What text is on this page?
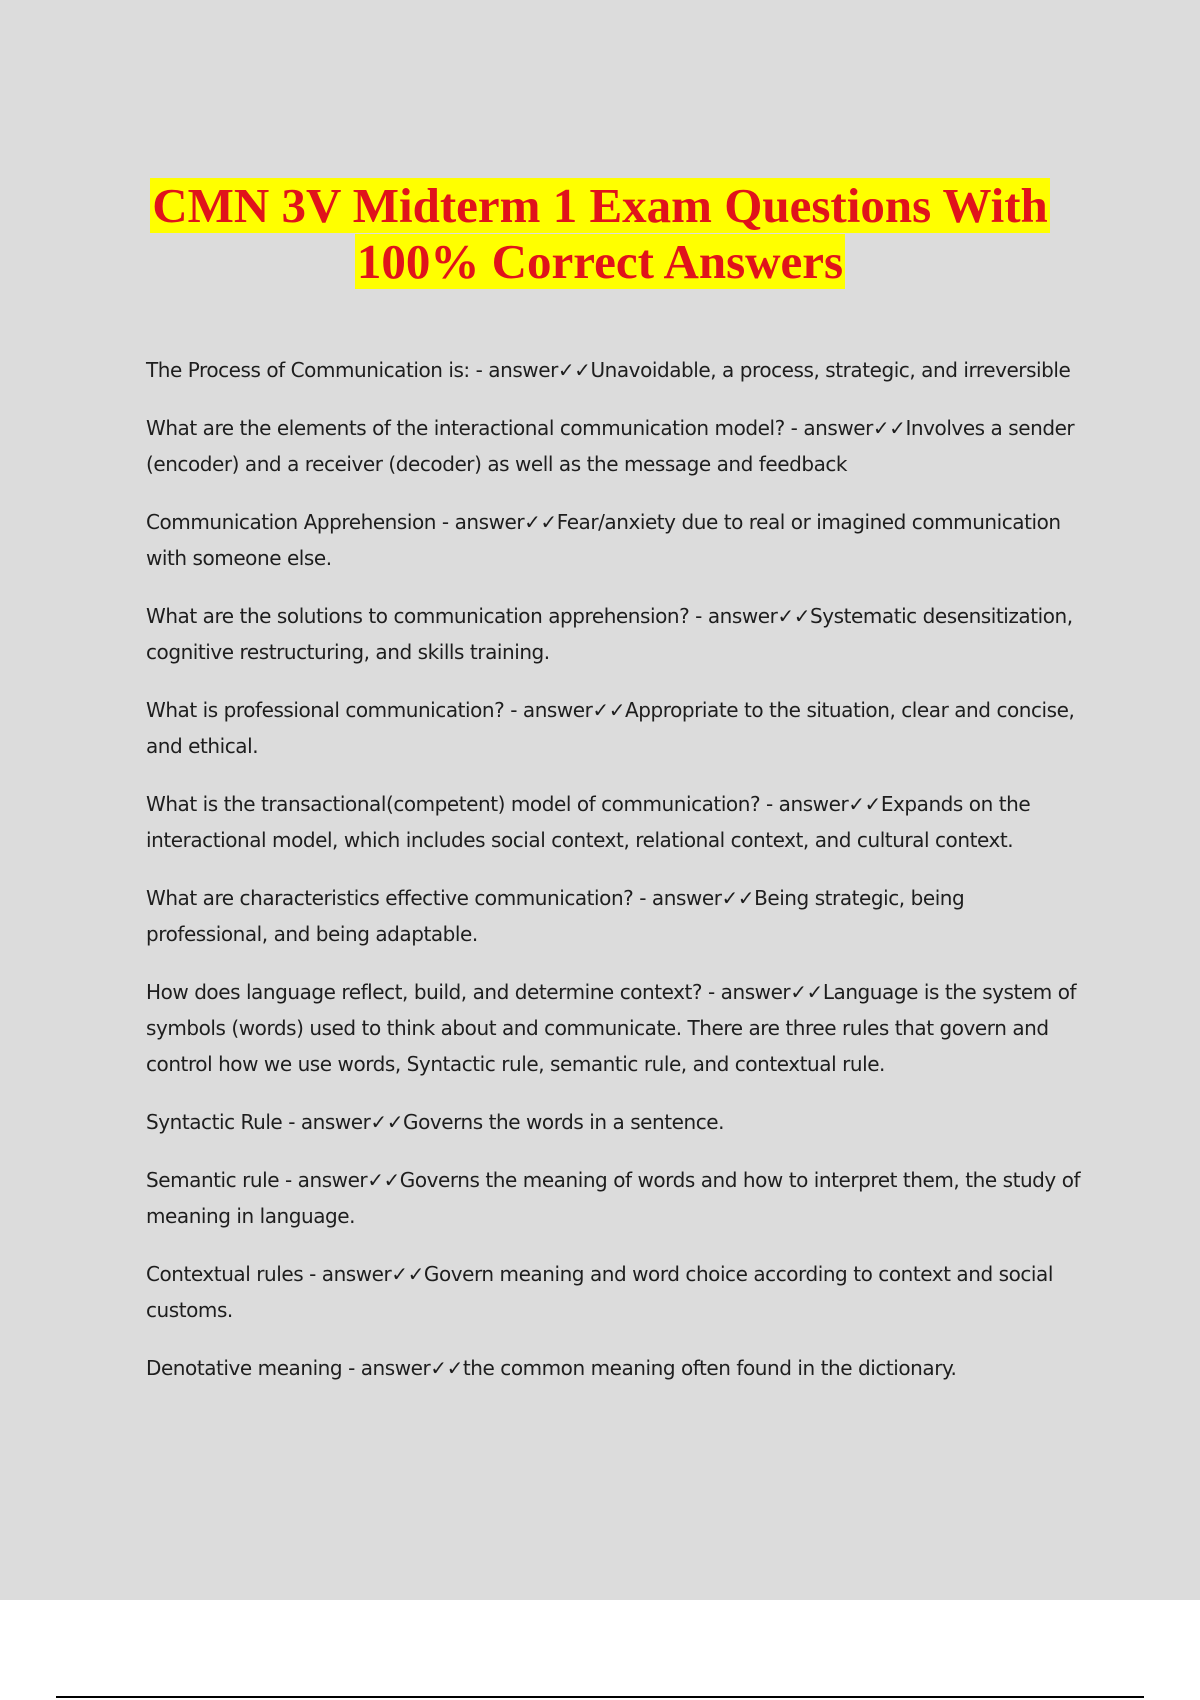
CMN 3V Midterm 1 Exam Questions With
100% Correct Answers

The Process of Communication is: - answer✓✓Unavoidable, a process, strategic, and irreversible

What are the elements of the interactional communication model? - answer✓✓Involves a sender (encoder) and a receiver (decoder) as well as the message and feedback

Communication Apprehension - answer✓✓Fear/anxiety due to real or imagined communication with someone else.

What are the solutions to communication apprehension? - answer✓✓Systematic desensitization, cognitive restructuring, and skills training.

What is professional communication? - answer✓✓Appropriate to the situation, clear and concise, and ethical.

What is the transactional(competent) model of communication? - answer✓✓Expands on the interactional model, which includes social context, relational context, and cultural context.

What are characteristics effective communication? - answer✓✓Being strategic, being professional, and being adaptable.

How does language reflect, build, and determine context? - answer✓✓Language is the system of symbols (words) used to think about and communicate. There are three rules that govern and control how we use words, Syntactic rule, semantic rule, and contextual rule.

Syntactic Rule - answer✓✓Governs the words in a sentence.

Semantic rule - answer✓✓Governs the meaning of words and how to interpret them, the study of meaning in language.

Contextual rules - answer✓✓Govern meaning and word choice according to context and social customs.

Denotative meaning - answer✓✓the common meaning often found in the dictionary.
